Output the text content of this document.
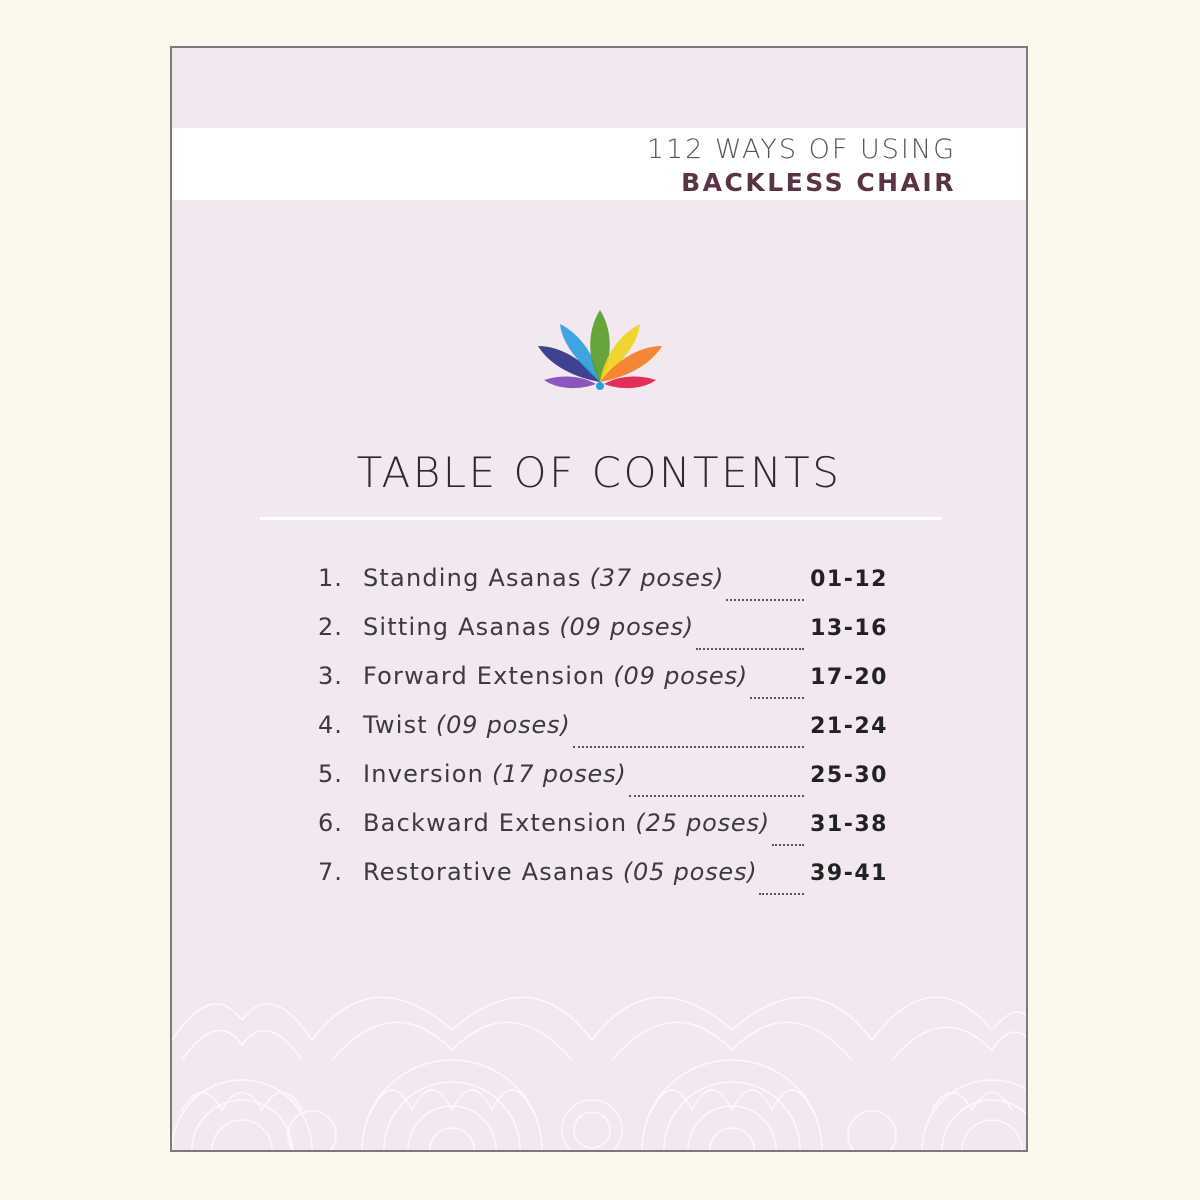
112 WAYS OF USING
BACKLESS CHAIR
TABLE OF CONTENTS
1. Standing Asanas (37 poses)	01-12
2. Sitting Asanas (09 poses)	13-16
3. Forward Extension (09 poses)	17-20
4. Twist (09 poses)	21-24
5. Inversion (17 poses)	25-30
6. Backward Extension (25 poses) 31-38
7. Restorative Asanas (05 poses) 39-41
